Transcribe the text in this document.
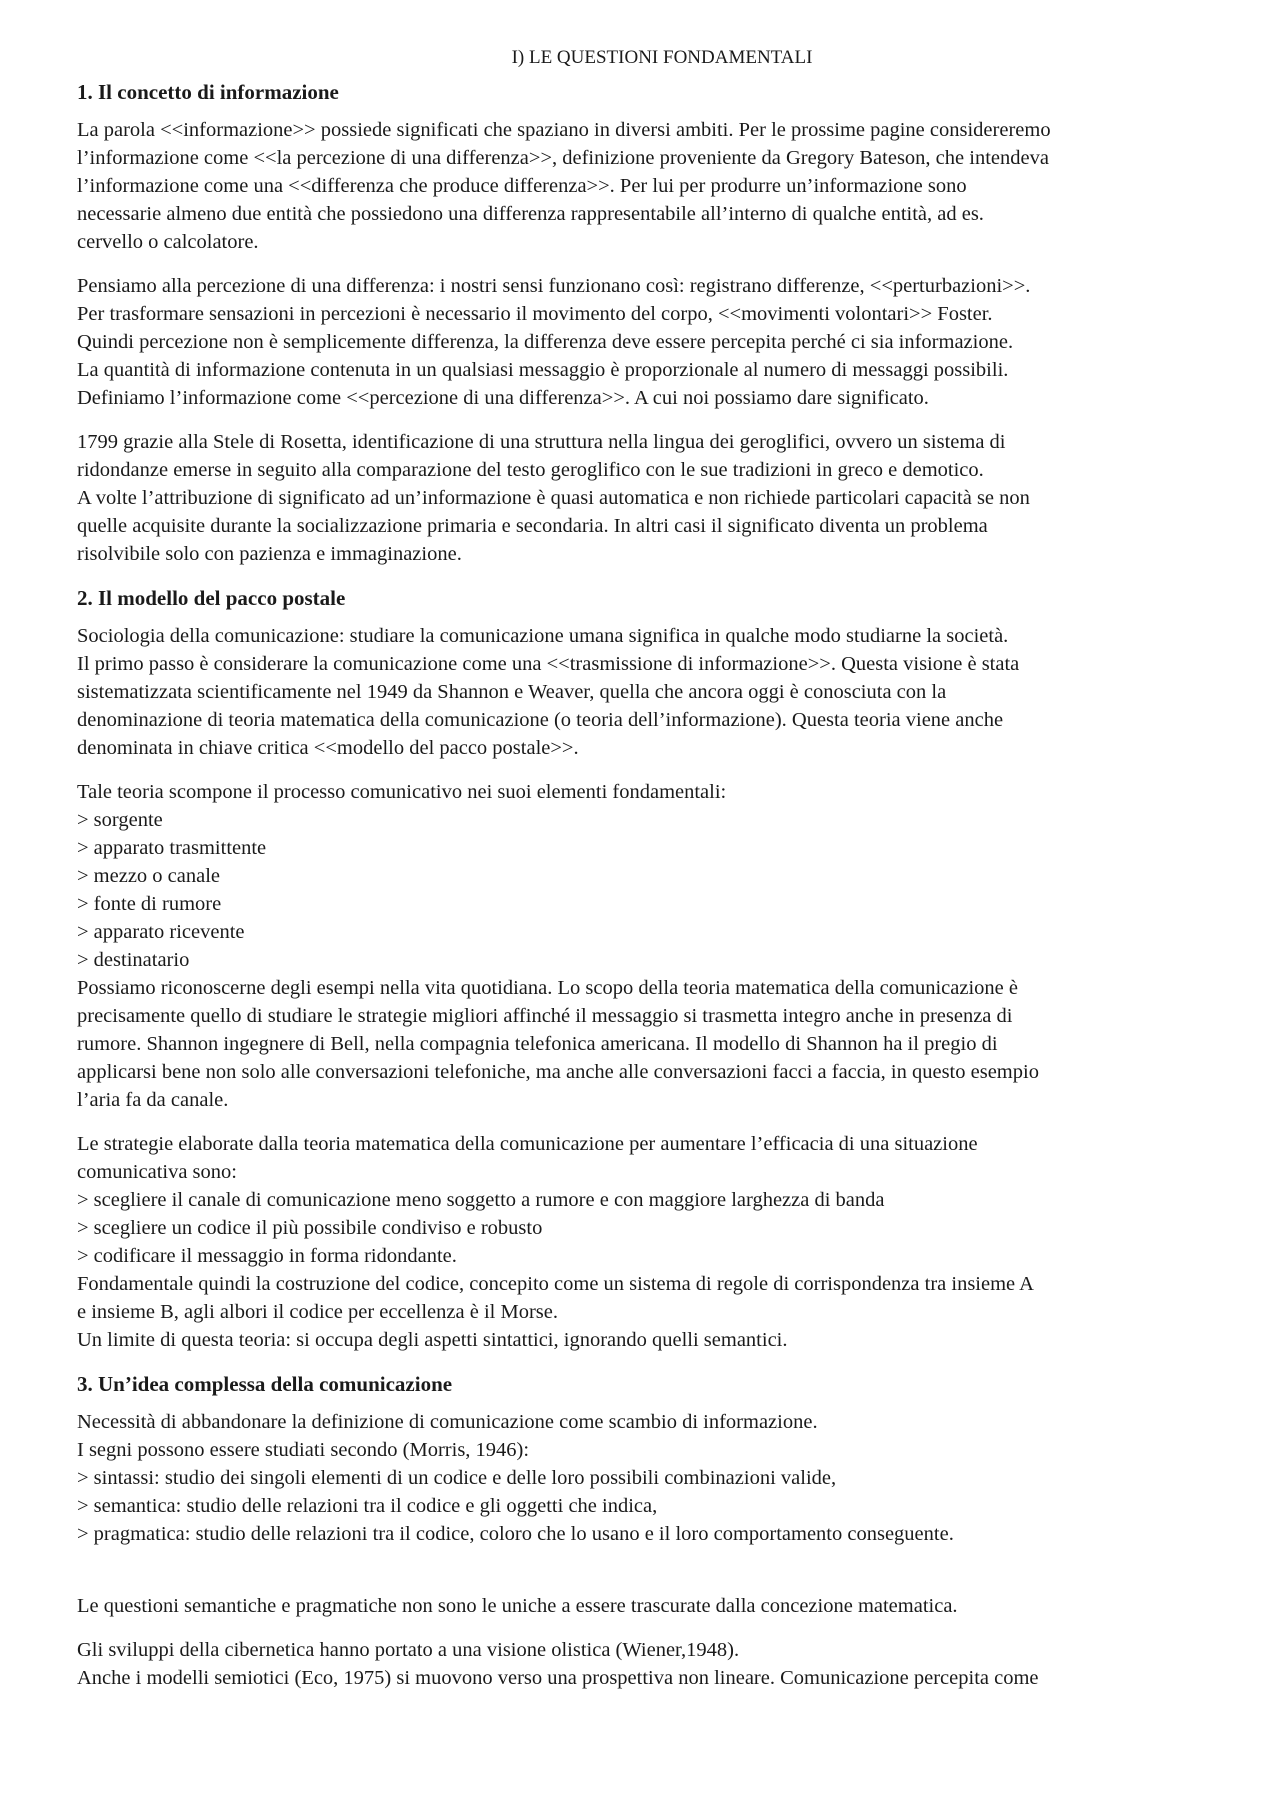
I) LE QUESTIONI FONDAMENTALI
1. Il concetto di informazione

La parola <<informazione>> possiede significati che spaziano in diversi ambiti. Per le prossime pagine considereremo
l’informazione come <<la percezione di una differenza>>, definizione proveniente da Gregory Bateson, che intendeva
l’informazione come una <<differenza che produce differenza>>. Per lui per produrre un’informazione sono
necessarie almeno due entità che possiedono una differenza rappresentabile all’interno di qualche entità, ad es.
cervello o calcolatore.

Pensiamo alla percezione di una differenza: i nostri sensi funzionano così: registrano differenze, <<perturbazioni>>.
Per trasformare sensazioni in percezioni è necessario il movimento del corpo, <<movimenti volontari>> Foster.
Quindi percezione non è semplicemente differenza, la differenza deve essere percepita perché ci sia informazione.
La quantità di informazione contenuta in un qualsiasi messaggio è proporzionale al numero di messaggi possibili.
Definiamo l’informazione come <<percezione di una differenza>>. A cui noi possiamo dare significato.

1799 grazie alla Stele di Rosetta, identificazione di una struttura nella lingua dei geroglifici, ovvero un sistema di
ridondanze emerse in seguito alla comparazione del testo geroglifico con le sue tradizioni in greco e demotico.
A volte l’attribuzione di significato ad un’informazione è quasi automatica e non richiede particolari capacità se non
quelle acquisite durante la socializzazione primaria e secondaria. In altri casi il significato diventa un problema
risolvibile solo con pazienza e immaginazione.

2. Il modello del pacco postale

Sociologia della comunicazione: studiare la comunicazione umana significa in qualche modo studiarne la società.
Il primo passo è considerare la comunicazione come una <<trasmissione di informazione>>. Questa visione è stata
sistematizzata scientificamente nel 1949 da Shannon e Weaver, quella che ancora oggi è conosciuta con la
denominazione di teoria matematica della comunicazione (o teoria dell’informazione). Questa teoria viene anche
denominata in chiave critica <<modello del pacco postale>>.

Tale teoria scompone il processo comunicativo nei suoi elementi fondamentali:
> sorgente
> apparato trasmittente
> mezzo o canale
> fonte di rumore
> apparato ricevente
> destinatario
Possiamo riconoscerne degli esempi nella vita quotidiana. Lo scopo della teoria matematica della comunicazione è
precisamente quello di studiare le strategie migliori affinché il messaggio si trasmetta integro anche in presenza di
rumore. Shannon ingegnere di Bell, nella compagnia telefonica americana. Il modello di Shannon ha il pregio di
applicarsi bene non solo alle conversazioni telefoniche, ma anche alle conversazioni facci a faccia, in questo esempio
l’aria fa da canale.

Le strategie elaborate dalla teoria matematica della comunicazione per aumentare l’efficacia di una situazione
comunicativa sono:
> scegliere il canale di comunicazione meno soggetto a rumore e con maggiore larghezza di banda
> scegliere un codice il più possibile condiviso e robusto
> codificare il messaggio in forma ridondante.
Fondamentale quindi la costruzione del codice, concepito come un sistema di regole di corrispondenza tra insieme A
e insieme B, agli albori il codice per eccellenza è il Morse.
Un limite di questa teoria: si occupa degli aspetti sintattici, ignorando quelli semantici.

3. Un’idea complessa della comunicazione

Necessità di abbandonare la definizione di comunicazione come scambio di informazione.
I segni possono essere studiati secondo (Morris, 1946):
> sintassi: studio dei singoli elementi di un codice e delle loro possibili combinazioni valide,
> semantica: studio delle relazioni tra il codice e gli oggetti che indica,
> pragmatica: studio delle relazioni tra il codice, coloro che lo usano e il loro comportamento conseguente.

Le questioni semantiche e pragmatiche non sono le uniche a essere trascurate dalla concezione matematica.

Gli sviluppi della cibernetica hanno portato a una visione olistica (Wiener,1948).
Anche i modelli semiotici (Eco, 1975) si muovono verso una prospettiva non lineare. Comunicazione percepita come
